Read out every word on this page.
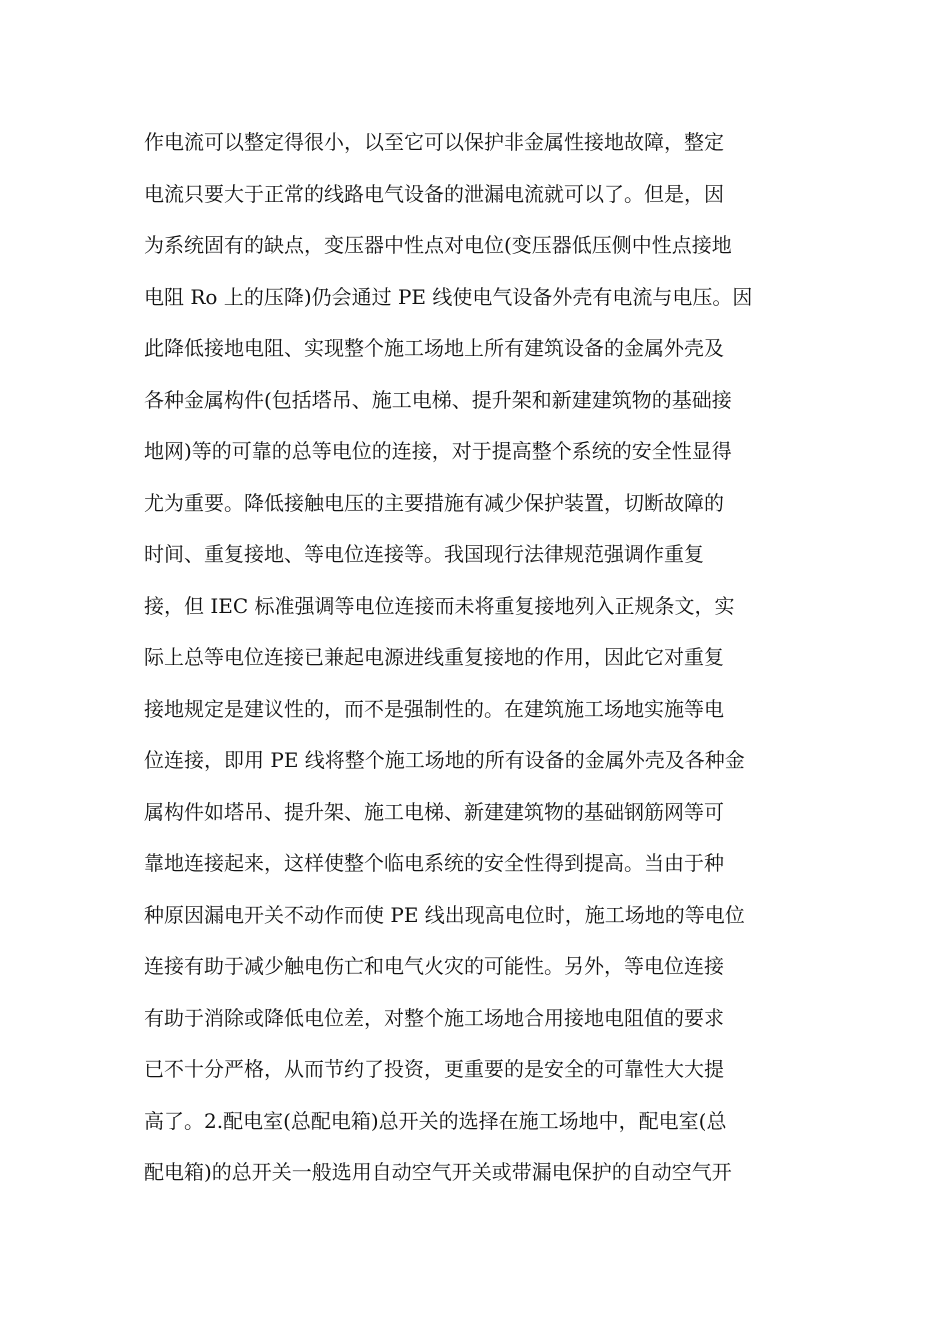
作电流可以整定得很小，以至它可以保护非金属性接地故障，整定
电流只要大于正常的线路电气设备的泄漏电流就可以了。但是，因
为系统固有的缺点，变压器中性点对电位(变压器低压侧中性点接地
电阻 Ro 上的压降)仍会通过 PE 线使电气设备外壳有电流与电压。因
此降低接地电阻、实现整个施工场地上所有建筑设备的金属外壳及
各种金属构件(包括塔吊、施工电梯、提升架和新建建筑物的基础接
地网)等的可靠的总等电位的连接，对于提高整个系统的安全性显得
尤为重要。降低接触电压的主要措施有减少保护装置，切断故障的
时间、重复接地、等电位连接等。我国现行法律规范强调作重复
接，但 IEC 标准强调等电位连接而未将重复接地列入正规条文，实
际上总等电位连接已兼起电源进线重复接地的作用，因此它对重复
接地规定是建议性的，而不是强制性的。在建筑施工场地实施等电
位连接，即用 PE 线将整个施工场地的所有设备的金属外壳及各种金
属构件如塔吊、提升架、施工电梯、新建建筑物的基础钢筋网等可
靠地连接起来，这样使整个临电系统的安全性得到提高。当由于种
种原因漏电开关不动作而使 PE 线出现高电位时，施工场地的等电位
连接有助于减少触电伤亡和电气火灾的可能性。另外，等电位连接
有助于消除或降低电位差，对整个施工场地合用接地电阻值的要求
已不十分严格，从而节约了投资，更重要的是安全的可靠性大大提
高了。2.配电室(总配电箱)总开关的选择在施工场地中，配电室(总
配电箱)的总开关一般选用自动空气开关或带漏电保护的自动空气开
